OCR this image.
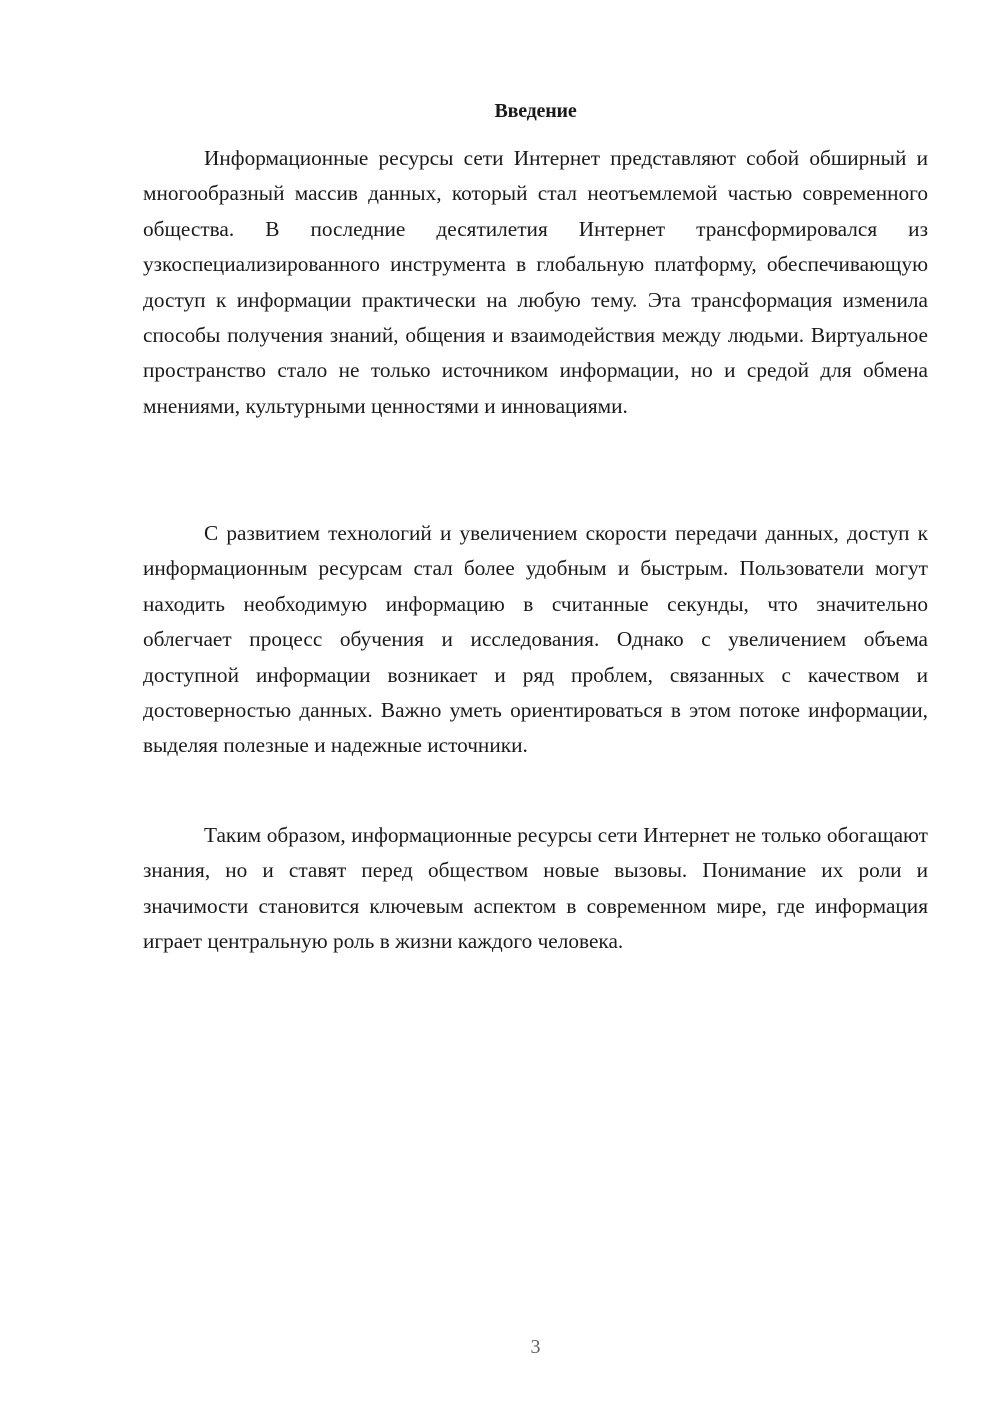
Введение

Информационные ресурсы сети Интернет представляют собой обширный и многообразный массив данных, который стал неотъемлемой частью современного общества. В последние десятилетия Интернет трансформировался из узкоспециализированного инструмента в глобальную платформу, обеспечивающую доступ к информации практически на любую тему. Эта трансформация изменила способы получения знаний, общения и взаимодействия между людьми. Виртуальное пространство стало не только источником информации, но и средой для обмена мнениями, культурными ценностями и инновациями.

С развитием технологий и увеличением скорости передачи данных, доступ к информационным ресурсам стал более удобным и быстрым. Пользователи могут находить необходимую информацию в считанные секунды, что значительно облегчает процесс обучения и исследования. Однако с увеличением объема доступной информации возникает и ряд проблем, связанных с качеством и достоверностью данных. Важно уметь ориентироваться в этом потоке информации, выделяя полезные и надежные источники.

Таким образом, информационные ресурсы сети Интернет не только обогащают знания, но и ставят перед обществом новые вызовы. Понимание их роли и значимости становится ключевым аспектом в современном мире, где информация играет центральную роль в жизни каждого человека.

3
